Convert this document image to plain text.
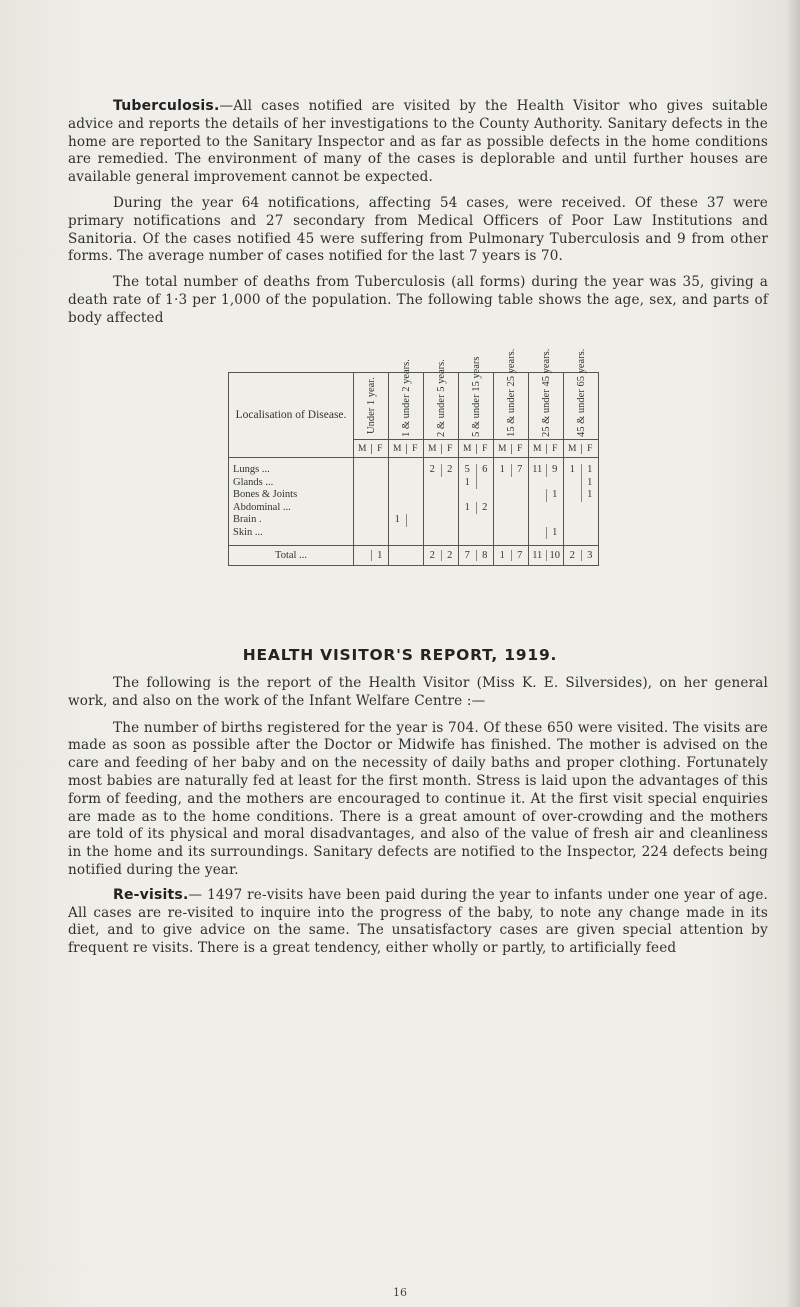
Tuberculosis.—All cases notified are visited by the Health Visitor who gives suitable advice and reports the details of her investigations to the County Authority. Sanitary defects in the home are reported to the Sanitary Inspector and as far as possible defects in the home conditions are remedied. The environment of many of the cases is deplorable and until further houses are available general improvement cannot be expected.

During the year 64 notifications, affecting 54 cases, were received. Of these 37 were primary notifications and 27 secondary from Medical Officers of Poor Law Institutions and Sanitoria. Of the cases notified 45 were suffering from Pulmonary Tuberculosis and 9 from other forms. The average number of cases notified for the last 7 years is 70.

The total number of deaths from Tuberculosis (all forms) during the year was 35, giving a death rate of 1·3 per 1,000 of the population. The following table shows the age, sex, and parts of body affected

Localisation of Disease.	Under 1 year.	1 & under 2 years.	2 & under 5 years.	5 & under 15 years	15 & under 25 years.	25 & under 45 years.	45 & under 65 years.

	M F	M F	M F	M F	M F	M F	M F

Lungs ...			2 2	5 6	1 7	11 9	1 1

Glands ...				1			1

Bones & Joints						1	1

Abdominal ...				1 2			

Brain .		1					

Skin ...						1	

Total ...	1		2 2	7 8	1 7	11 10	2 3
HEALTH VISITOR'S REPORT, 1919.

The following is the report of the Health Visitor (Miss K. E. Silversides), on her general work, and also on the work of the Infant Welfare Centre :—

The number of births registered for the year is 704. Of these 650 were visited. The visits are made as soon as possible after the Doctor or Midwife has finished. The mother is advised on the care and feeding of her baby and on the necessity of daily baths and proper clothing. Fortunately most babies are naturally fed at least for the first month. Stress is laid upon the advantages of this form of feeding, and the mothers are encouraged to continue it. At the first visit special enquiries are made as to the home conditions. There is a great amount of over-crowding and the mothers are told of its physical and moral disadvantages, and also of the value of fresh air and cleanliness in the home and its surroundings. Sanitary defects are notified to the Inspector, 224 defects being notified during the year.

Re-visits.— 1497 re-visits have been paid during the year to infants under one year of age. All cases are re-visited to inquire into the progress of the baby, to note any change made in its diet, and to give advice on the same. The unsatisfactory cases are given special attention by frequent re visits. There is a great tendency, either wholly or partly, to artificially feed

16
